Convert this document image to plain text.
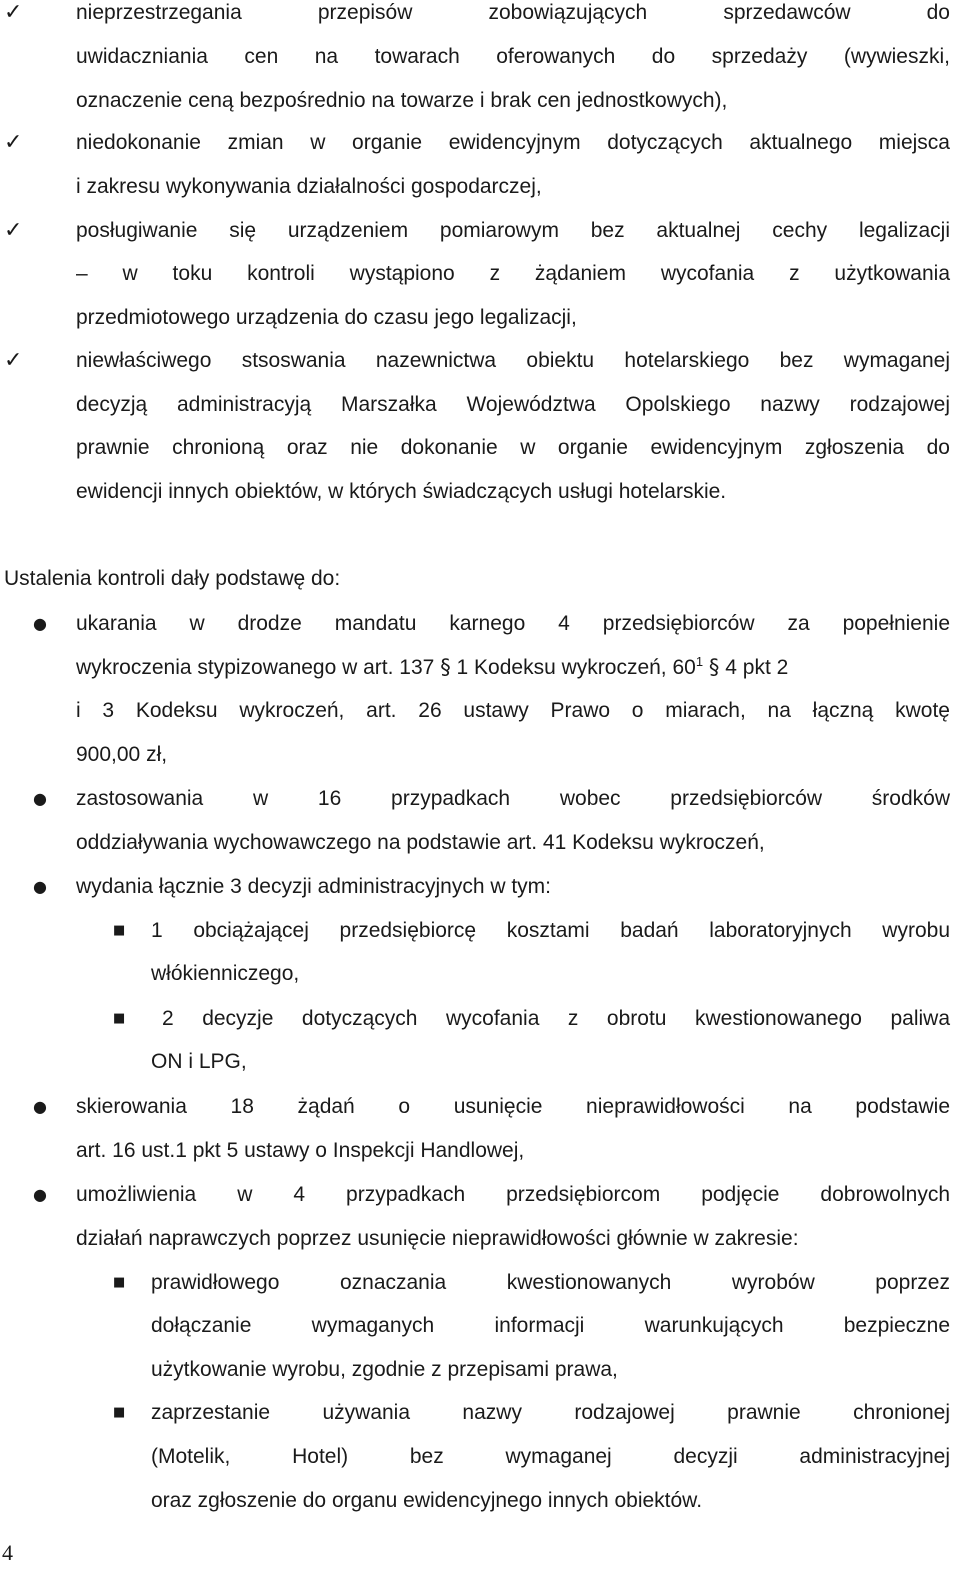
✓	nieprzestrzegania przepisów zobowiązujących sprzedawców do
uwidaczniania cen na towarach oferowanych do sprzedaży (wywieszki,
oznaczenie ceną bezpośrednio na towarze i brak cen jednostkowych),
✓	niedokonanie zmian w organie ewidencyjnym dotyczących aktualnego miejsca
i zakresu wykonywania działalności gospodarczej,
✓	posługiwanie się urządzeniem pomiarowym bez aktualnej cechy legalizacji
– w toku kontroli wystąpiono z żądaniem wycofania z użytkowania
przedmiotowego urządzenia do czasu jego legalizacji,
✓	niewłaściwego stsoswania nazewnictwa obiektu hotelarskiego bez wymaganej
decyzją administracyją Marszałka Województwa Opolskiego nazwy rodzajowej
prawnie chronioną oraz nie dokonanie w organie ewidencyjnym zgłoszenia do
ewidencji innych obiektów, w których świadczących usługi hotelarskie.
Ustalenia kontroli dały podstawę do:
● ukarania w drodze mandatu karnego 4 przedsiębiorców za popełnienie
wykroczenia stypizowanego w art. 137 § 1 Kodeksu wykroczeń, $60^1$ § 4 pkt 2
i 3 Kodeksu wykroczeń, art. 26 ustawy Prawo o miarach, na łączną kwotę
900,00 zł,
● zastosowania w 16 przypadkach wobec przedsiębiorców środków
oddziaływania wychowawczego na podstawie art. 41 Kodeksu wykroczeń,
● wydania łącznie 3 decyzji administracyjnych w tym:
■ 1 obciążającej przedsiębiorcę kosztami badań laboratoryjnych wyrobu
włókienniczego,
■ 2 decyzje dotyczących wycofania z obrotu kwestionowanego paliwa
ON i LPG,
● skierowania 18 żądań o usunięcie nieprawidłowości na podstawie
art. 16 ust.1 pkt 5 ustawy o Inspekcji Handlowej,
● umożliwienia w 4 przypadkach przedsiębiorcom podjęcie dobrowolnych
działań naprawczych poprzez usunięcie nieprawidłowości głównie w zakresie:
■ prawidłowego oznaczania kwestionowanych wyrobów poprzez
dołączanie wymaganych informacji warunkujących bezpieczne
użytkowanie wyrobu, zgodnie z przepisami prawa,
■ zaprzestanie używania nazwy rodzajowej prawnie chronionej
(Motelik, Hotel) bez wymaganej decyzji administracyjnej
oraz zgłoszenie do organu ewidencyjnego innych obiektów.
4
